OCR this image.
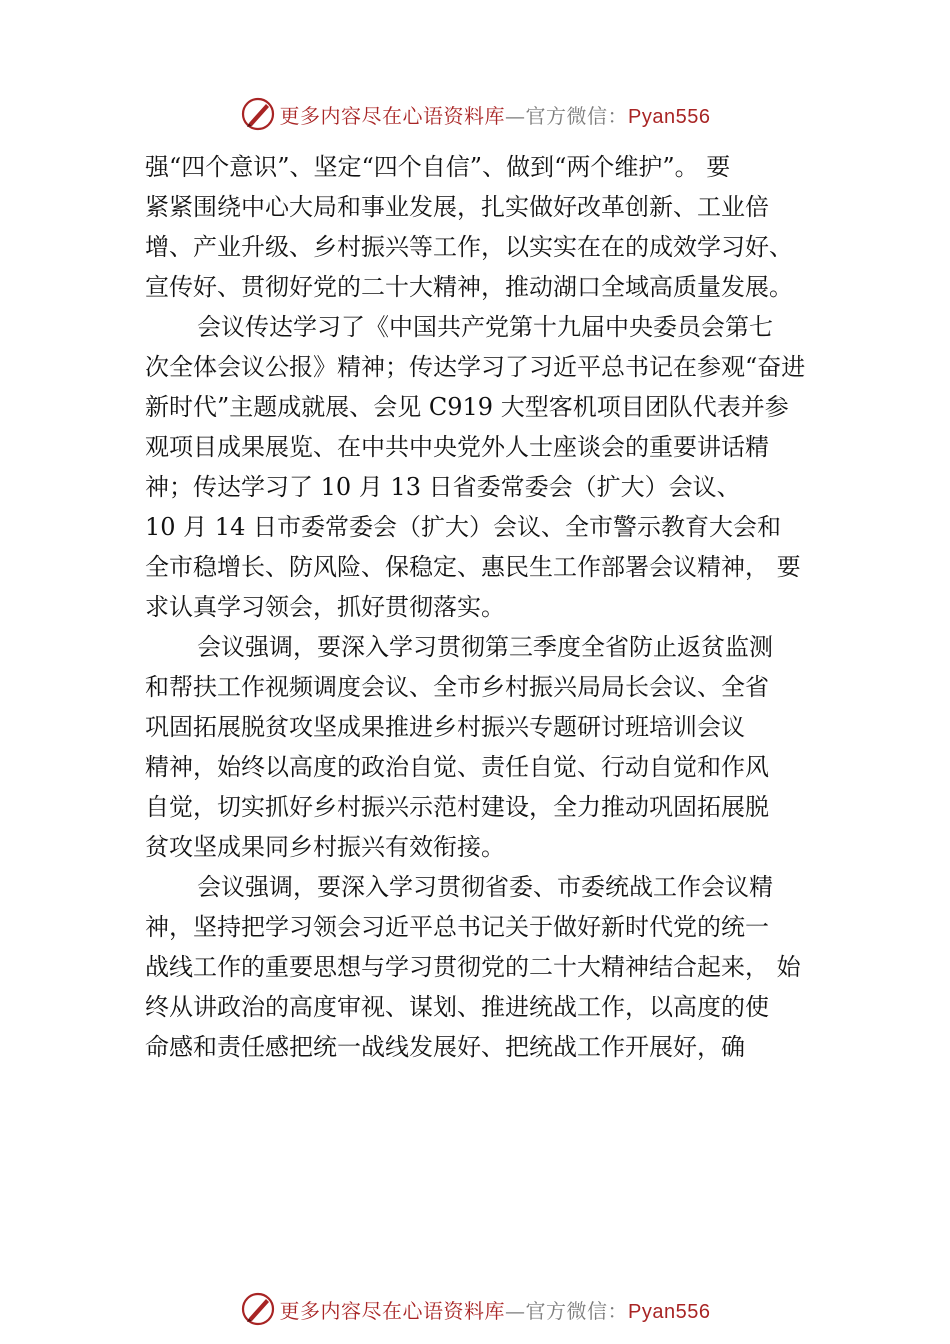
更多内容尽在心语资料库—官方微信：Pyan556
强“四个意识”、坚定“四个自信”、做到“两个维护”。 要
紧紧围绕中心大局和事业发展，扎实做好改革创新、工业倍
增、产业升级、乡村振兴等工作，以实实在在的成效学习好、
宣传好、贯彻好党的二十大精神，推动湖口全域高质量发展。
会议传达学习了《中国共产党第十九届中央委员会第七
次全体会议公报》精神；传达学习了习近平总书记在参观“奋进
新时代”主题成就展、会见 C919 大型客机项目团队代表并参
观项目成果展览、在中共中央党外人士座谈会的重要讲话精
神；传达学习了 10 月 13 日省委常委会（扩大）会议、
10 月 14 日市委常委会（扩大）会议、全市警示教育大会和
全市稳增长、防风险、保稳定、惠民生工作部署会议精神， 要
求认真学习领会，抓好贯彻落实。
会议强调，要深入学习贯彻第三季度全省防止返贫监测
和帮扶工作视频调度会议、全市乡村振兴局局长会议、全省
巩固拓展脱贫攻坚成果推进乡村振兴专题研讨班培训会议
精神，始终以高度的政治自觉、责任自觉、行动自觉和作风
自觉，切实抓好乡村振兴示范村建设，全力推动巩固拓展脱
贫攻坚成果同乡村振兴有效衔接。
会议强调，要深入学习贯彻省委、市委统战工作会议精
神，坚持把学习领会习近平总书记关于做好新时代党的统一
战线工作的重要思想与学习贯彻党的二十大精神结合起来， 始
终从讲政治的高度审视、谋划、推进统战工作，以高度的使
命感和责任感把统一战线发展好、把统战工作开展好，确
更多内容尽在心语资料库—官方微信：Pyan556
